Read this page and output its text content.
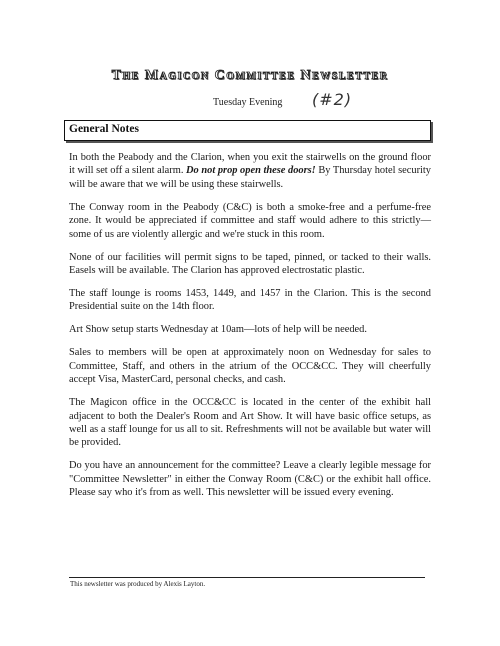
The Magicon Committee Newsletter
Tuesday Evening (#2)
General Notes

In both the Peabody and the Clarion, when you exit the stairwells on the ground floor it will set off a silent alarm. Do not prop open these doors! By Thursday hotel security will be aware that we will be using these stairwells.

The Conway room in the Peabody (C&C) is both a smoke-free and a perfume-free zone. It would be appreciated if committee and staff would adhere to this strictly—some of us are violently allergic and we're stuck in this room.

None of our facilities will permit signs to be taped, pinned, or tacked to their walls. Easels will be available. The Clarion has approved electrostatic plastic.

The staff lounge is rooms 1453, 1449, and 1457 in the Clarion. This is the second Presidential suite on the 14th floor.

Art Show setup starts Wednesday at 10am—lots of help will be needed.

Sales to members will be open at approximately noon on Wednesday for sales to Committee, Staff, and others in the atrium of the OCC&CC. They will cheerfully accept Visa, MasterCard, personal checks, and cash.

The Magicon office in the OCC&CC is located in the center of the exhibit hall adjacent to both the Dealer's Room and Art Show. It will have basic office setups, as well as a staff lounge for us all to sit. Refreshments will not be available but water will be provided.

Do you have an announcement for the committee? Leave a clearly legible message for "Committee Newsletter" in either the Conway Room (C&C) or the exhibit hall office. Please say who it's from as well. This newsletter will be issued every evening.

This newsletter was produced by Alexis Layton.
